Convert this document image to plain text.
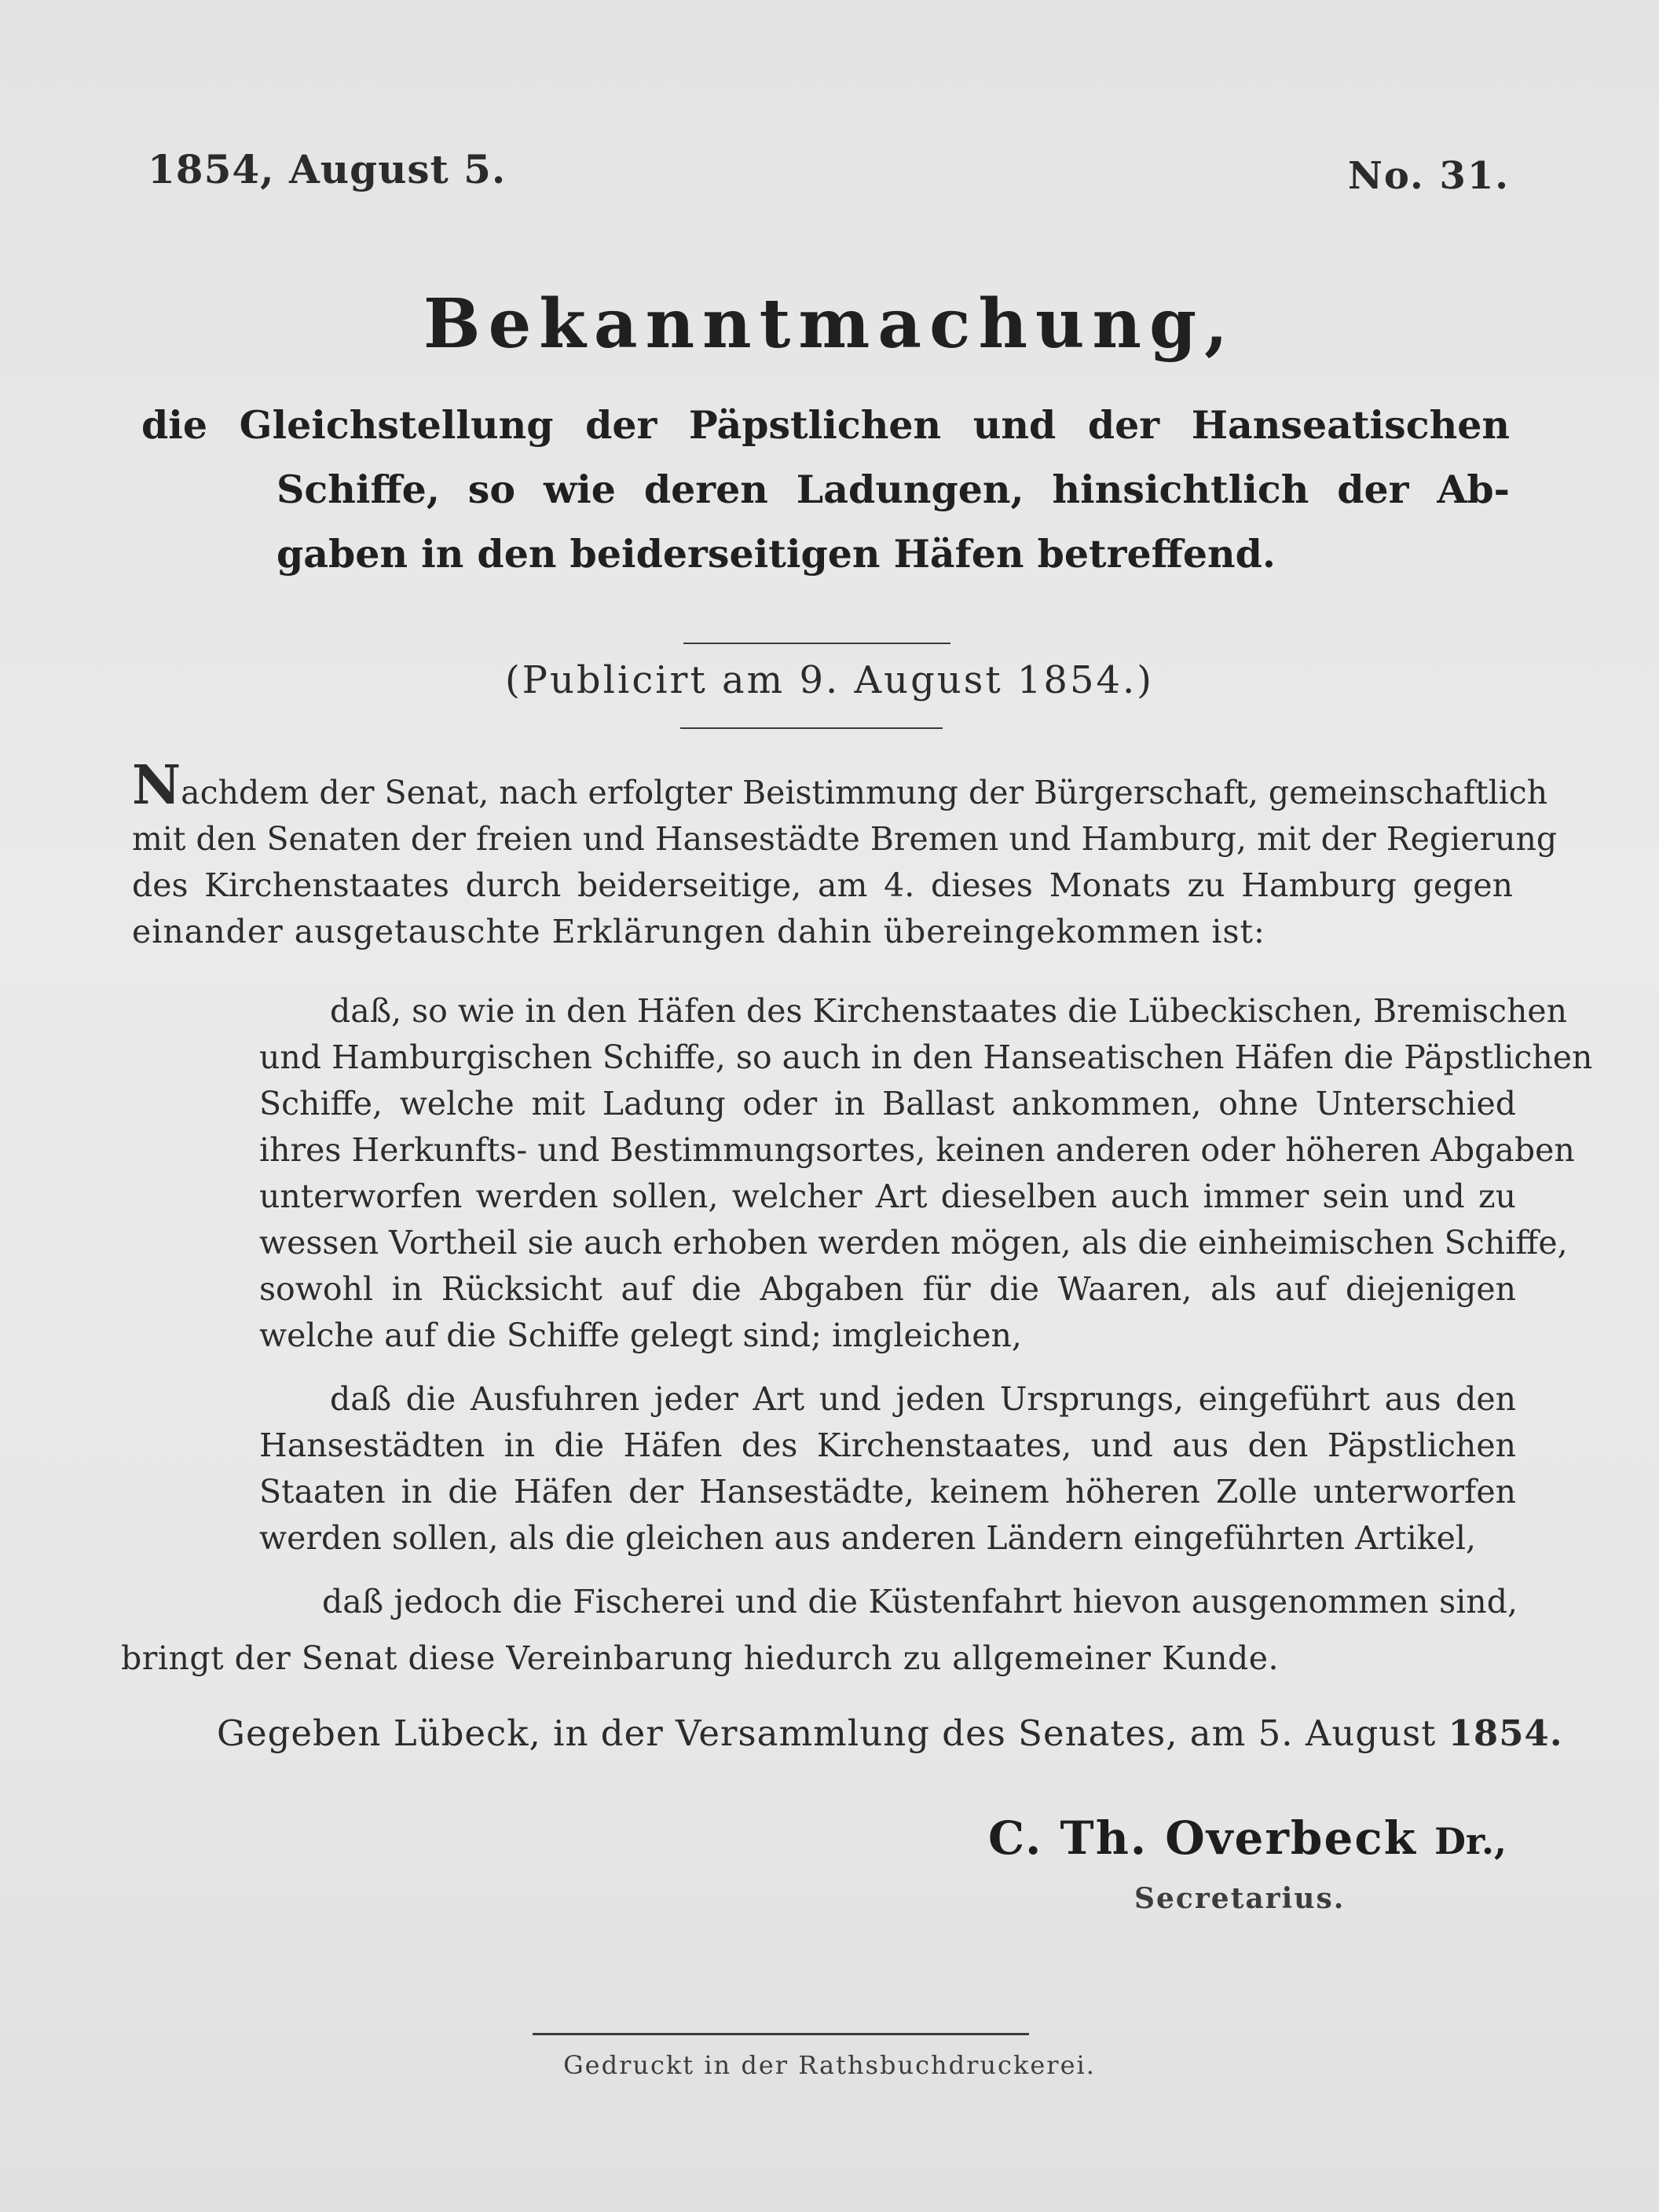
1854, August 5.	No. 31.
Bekanntmachung,
die Gleichstellung der Päpstlichen und der Hanseatischen
Schiffe, so wie deren Ladungen, hinsichtlich der Ab-
gaben in den beiderseitigen Häfen betreffend.
(Publicirt am 9. August 1854.)
Nachdem der Senat, nach erfolgter Beistimmung der Bürgerschaft, gemeinschaftlich
mit den Senaten der freien und Hansestädte Bremen und Hamburg, mit der Regierung
des Kirchenstaates durch beiderseitige, am 4. dieses Monats zu Hamburg gegen
einander ausgetauschte Erklärungen dahin übereingekommen ist:
daß, so wie in den Häfen des Kirchenstaates die Lübeckischen, Bremischen
und Hamburgischen Schiffe, so auch in den Hanseatischen Häfen die Päpstlichen
Schiffe, welche mit Ladung oder in Ballast ankommen, ohne Unterschied
ihres Herkunfts- und Bestimmungsortes, keinen anderen oder höheren Abgaben
unterworfen werden sollen, welcher Art dieselben auch immer sein und zu
wessen Vortheil sie auch erhoben werden mögen, als die einheimischen Schiffe,
sowohl in Rücksicht auf die Abgaben für die Waaren, als auf diejenigen
welche auf die Schiffe gelegt sind; imgleichen,
daß die Ausfuhren jeder Art und jeden Ursprungs, eingeführt aus den
Hansestädten in die Häfen des Kirchenstaates, und aus den Päpstlichen
Staaten in die Häfen der Hansestädte, keinem höheren Zolle unterworfen
werden sollen, als die gleichen aus anderen Ländern eingeführten Artikel,
daß jedoch die Fischerei und die Küstenfahrt hievon ausgenommen sind,
bringt der Senat diese Vereinbarung hiedurch zu allgemeiner Kunde.
Gegeben Lübeck, in der Versammlung des Senates, am 5. August 1854.
C. Th. Overbeck Dr.,
Secretarius.
Gedruckt in der Rathsbuchdruckerei.
